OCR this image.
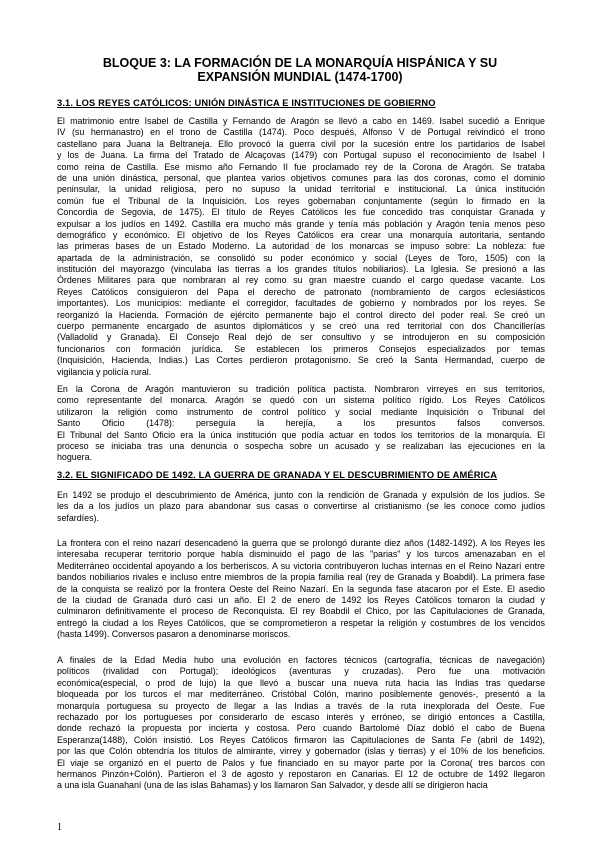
BLOQUE 3: LA FORMACIÓN DE LA MONARQUÍA HISPÁNICA Y SU
EXPANSIÓN MUNDIAL (1474-1700)
3.1. LOS REYES CATÓLICOS: UNIÓN DINÁSTICA E INSTITUCIONES DE GOBIERNO
El matrimonio entre Isabel de Castilla y Fernando de Aragón se llevó a cabo en 1469. Isabel sucedió a Enrique
IV (su hermanastro) en el trono de Castilla (1474). Poco despuéś, Alfonso V de Portugal reivindicó el trono
castellano para Juana la Beltraneja. Ello provocó la guerra civil por la sucesión entre los partidarios de Isabel
y los de Juana. La firma del Tratado de Alcaçovas (1479) con Portugal supuso el reconocimiento de Isabel I
como reina de Castilla. Ese mismo año Fernando II fue proclamado rey de la Corona de Aragón. Se trataba
de una unión dinástica, personal, que plantea varios objetivos comunes para las dos coronas, como el dominio
peninsular, la unidad religiosa, pero no supuso la unidad territorial e institucional. La única institución
común fue el Tribunal de la Inquisición. Los reyes gobernaban conjuntamente (según lo firmado en la
Concordia de Segovia, de 1475). El título de Reyes Católicos les fue concedido tras conquistar Granada y
expulsar a los judíos en 1492. Castilla era mucho más grande y tenía más población y Aragón tenía menos peso
demográfico y económico. El objetivo de los Reyes Católicos era crear una monarquía autoritaria, sentando
las primeras bases de un Estado Moderno. La autoridad de los monarcas se impuso sobre: La nobleza: fue
apartada de la administración, se consolidó su poder económico y social (Leyes de Toro, 1505) con la
institución del mayorazgo (vinculaba las tierras a los grandes títulos nobiliarios). La Iglesia. Se presionó a las
Órdenes Militares para que nombraran al rey como su gran maestre cuando el cargo quedase vacante. Los
Reyes Católicos consiguieron del Papa el derecho de patronato (nombramiento de cargos eclesiásticos
importantes). Los municipios: mediante el corregidor, facultades de gobierno y nombrados por los reyes. Se
reorganizó la Hacienda. Formación de ejército permanente bajo el control directo del poder real. Se creó un
cuerpo permanente encargado de asuntos diplomáticos y se creó una red territorial con dos Chancillerías
(Valladolid y Granada). El Consejo Real dejó de ser consultivo y se introdujeron en su composición
funcionarios con formación jurídica. Se establecen los primeros Consejos especializados por temas
(Inquisición, Hacienda, Indias.) Las Cortes perdieron protagonismo. Se creó la Santa Hermandad, cuerpo de
vigilancia y policía rural.
En la Corona de Aragón mantuvieron su tradición política pactista. Nombraron virreyes en sus territorios,
como representante del monarca. Aragón se quedó con un sistema político rígido. Los Reyes Católicos
utilizaron la religión como instrumento de control político y social mediante Inquisición o Tribunal del
Santo Oficio (1478): perseguía la herejía, a los presuntos falsos conversos.
El Tribunal del Santo Oficio era la única institución que podía actuar en todos los territorios de la monarquía. El
proceso se iniciaba tras una denuncia o sospecha sobre un acusado y se realizaban las ejecuciones en la
hoguera.
3.2. EL SIGNIFICADO DE 1492. LA GUERRA DE GRANADA Y EL DESCUBRIMIENTO DE AMÉRICA
En 1492 se produjo el descubrimiento de América, junto con la rendición de Granada y expulsión de los judíos. Se
les da a los judíos un plazo para abandonar sus casas o convertirse al cristianismo (se les conoce como judíos
sefardíes).
La frontera con el reino nazarí desencadenó la guerra que se prolongó durante diez años (1482-1492). A los Reyes les
interesaba recuperar territorio porque había disminuido el pago de las "parias" y los turcos amenazaban en el
Mediterráneo occidental apoyando a los berberiscos. A su victoria contribuyeron luchas internas en el Reino Nazarí entre
bandos nobiliarios rivales e incluso entre miembros de la propia familia real (rey de Granada y Boabdil). La primera fase
de la conquista se realizó por la frontera Oeste del Reino Nazarí. En la segunda fase atacaron por el Este. El asedio
de la ciudad de Granada duró casi un año. El 2 de enero de 1492 los Reyes Católicos tomaron la ciudad y
culminaron definitivamente el proceso de Reconquista. El rey Boabdil el Chico, por las Capitulaciones de Granada,
entregó la ciudad a los Reyes Católicos, que se comprometieron a respetar la religión y costumbres de los vencidos
(hasta 1499). Conversos pasaron a denominarse moriscos.
A finales de la Edad Media hubo una evolución en factores técnicos (cartografía, técnicas de navegación)
políticos (rivalidad con Portugal); ideológicos (aventuras y cruzadas). Pero fue una motivación
económica(especial, o prod de lujo) la que llevó a buscar una nueva ruta hacia las Indias tras quedarse
bloqueada por los turcos el mar mediterráneo. Cristóbal Colón, marino posiblemente genovés-, presentó a la
monarquía portuguesa su proyecto de llegar a las Indias a través de la ruta inexplorada del Oeste. Fue
rechazado por los portugueses por considerarlo de escaso interés y erróneo, se dirigió entonces a Castilla,
donde rechazó la propuesta por incierta y costosa. Pero cuando Bartolomé Díaz dobló el cabo de Buena
Esperanza(1488), Colón insistió. Los Reyes Católicos firmaron las Capitulaciones de Santa Fe (abril de 1492),
por las que Colón obtendría los títulos de almirante, virrey y gobernador (islas y tierras) y el 10% de los beneficios.
El viaje se organizó en el puerto de Palos y fue financiado en su mayor parte por la Corona( tres barcos con
hermanos Pinzón+Colón). Partieron el 3 de agosto y repostaron en Canarias. El 12 de octubre de 1492 llegaron
a una isla Guanahaní (una de las islas Bahamas) y los llamaron San Salvador, y desde allí se dirigieron hacia

1
